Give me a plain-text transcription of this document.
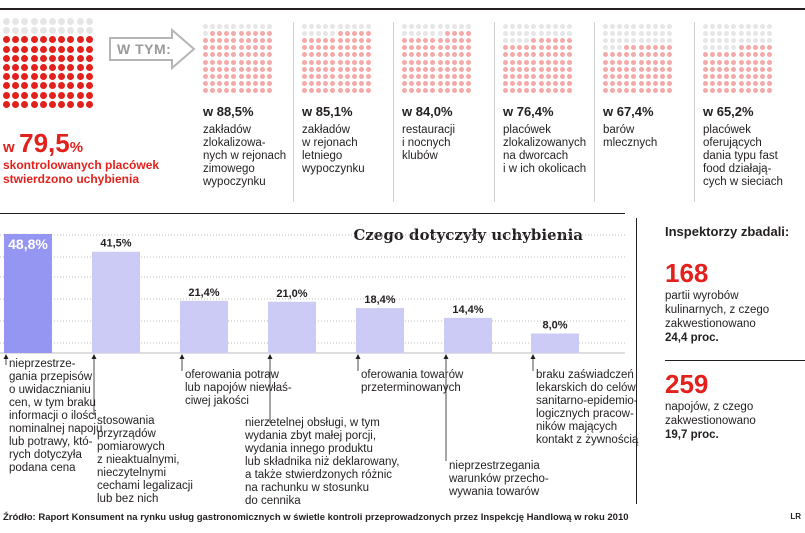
W TYM:
w 79,5%
skontrolowanych placówek stwierdzono uchybienia
w 88,5%
zakładów
zlokalizowa-
nych w rejonach
zimowego
wypoczynku
w 85,1%
zakładów
w rejonach
letniego
wypoczynku
w 84,0%
restauracji
i nocnych
klubów
w 76,4%
placówek
zlokalizowanych
na dworcach
i w ich okolicach
w 67,4%
barów
mlecznych
w 65,2%
placówek
oferujących
dania typu fast
food działają-
cych w sieciach
Czego dotyczyły uchybienia
48,8%	41,5%
21,4%	21,0%
18,4%
14,4%
8,0%
nieprzestrze-
gania przepisów
o uwidacznianiu
cen, w tym braku
informacji o ilości
nominalnej napoju
lub potrawy, któ-
rych dotyczyła
podana cena
stosowania
przyrządów
pomiarowych
z nieaktualnymi,
nieczytelnymi
cechami legalizacji
lub bez nich
oferowania potraw
lub napojów niewłaś-
ciwej jakości
nierzetelnej obsługi, w tym
wydania zbyt małej porcji,
wydania innego produktu
lub składnika niż deklarowany,
a także stwierdzonych różnic
na rachunku w stosunku
do cennika
oferowania towarów
przeterminowanych
nieprzestrzegania
warunków przecho-
wywania towarów
braku zaświadczeń
lekarskich do celów
sanitarno-epidemio-
logicznych pracow-
ników mających
kontakt z żywnością
Inspektorzy zbadali:
168
partii wyrobów
kulinarnych, z czego
zakwestionowano
24,4 proc.
259
napojów, z czego
zakwestionowano
19,7 proc.
Źródło: Raport Konsument na rynku usług gastronomicznych w świetle kontroli przeprowadzonych przez Inspekcję Handlową w roku 2010	LR
